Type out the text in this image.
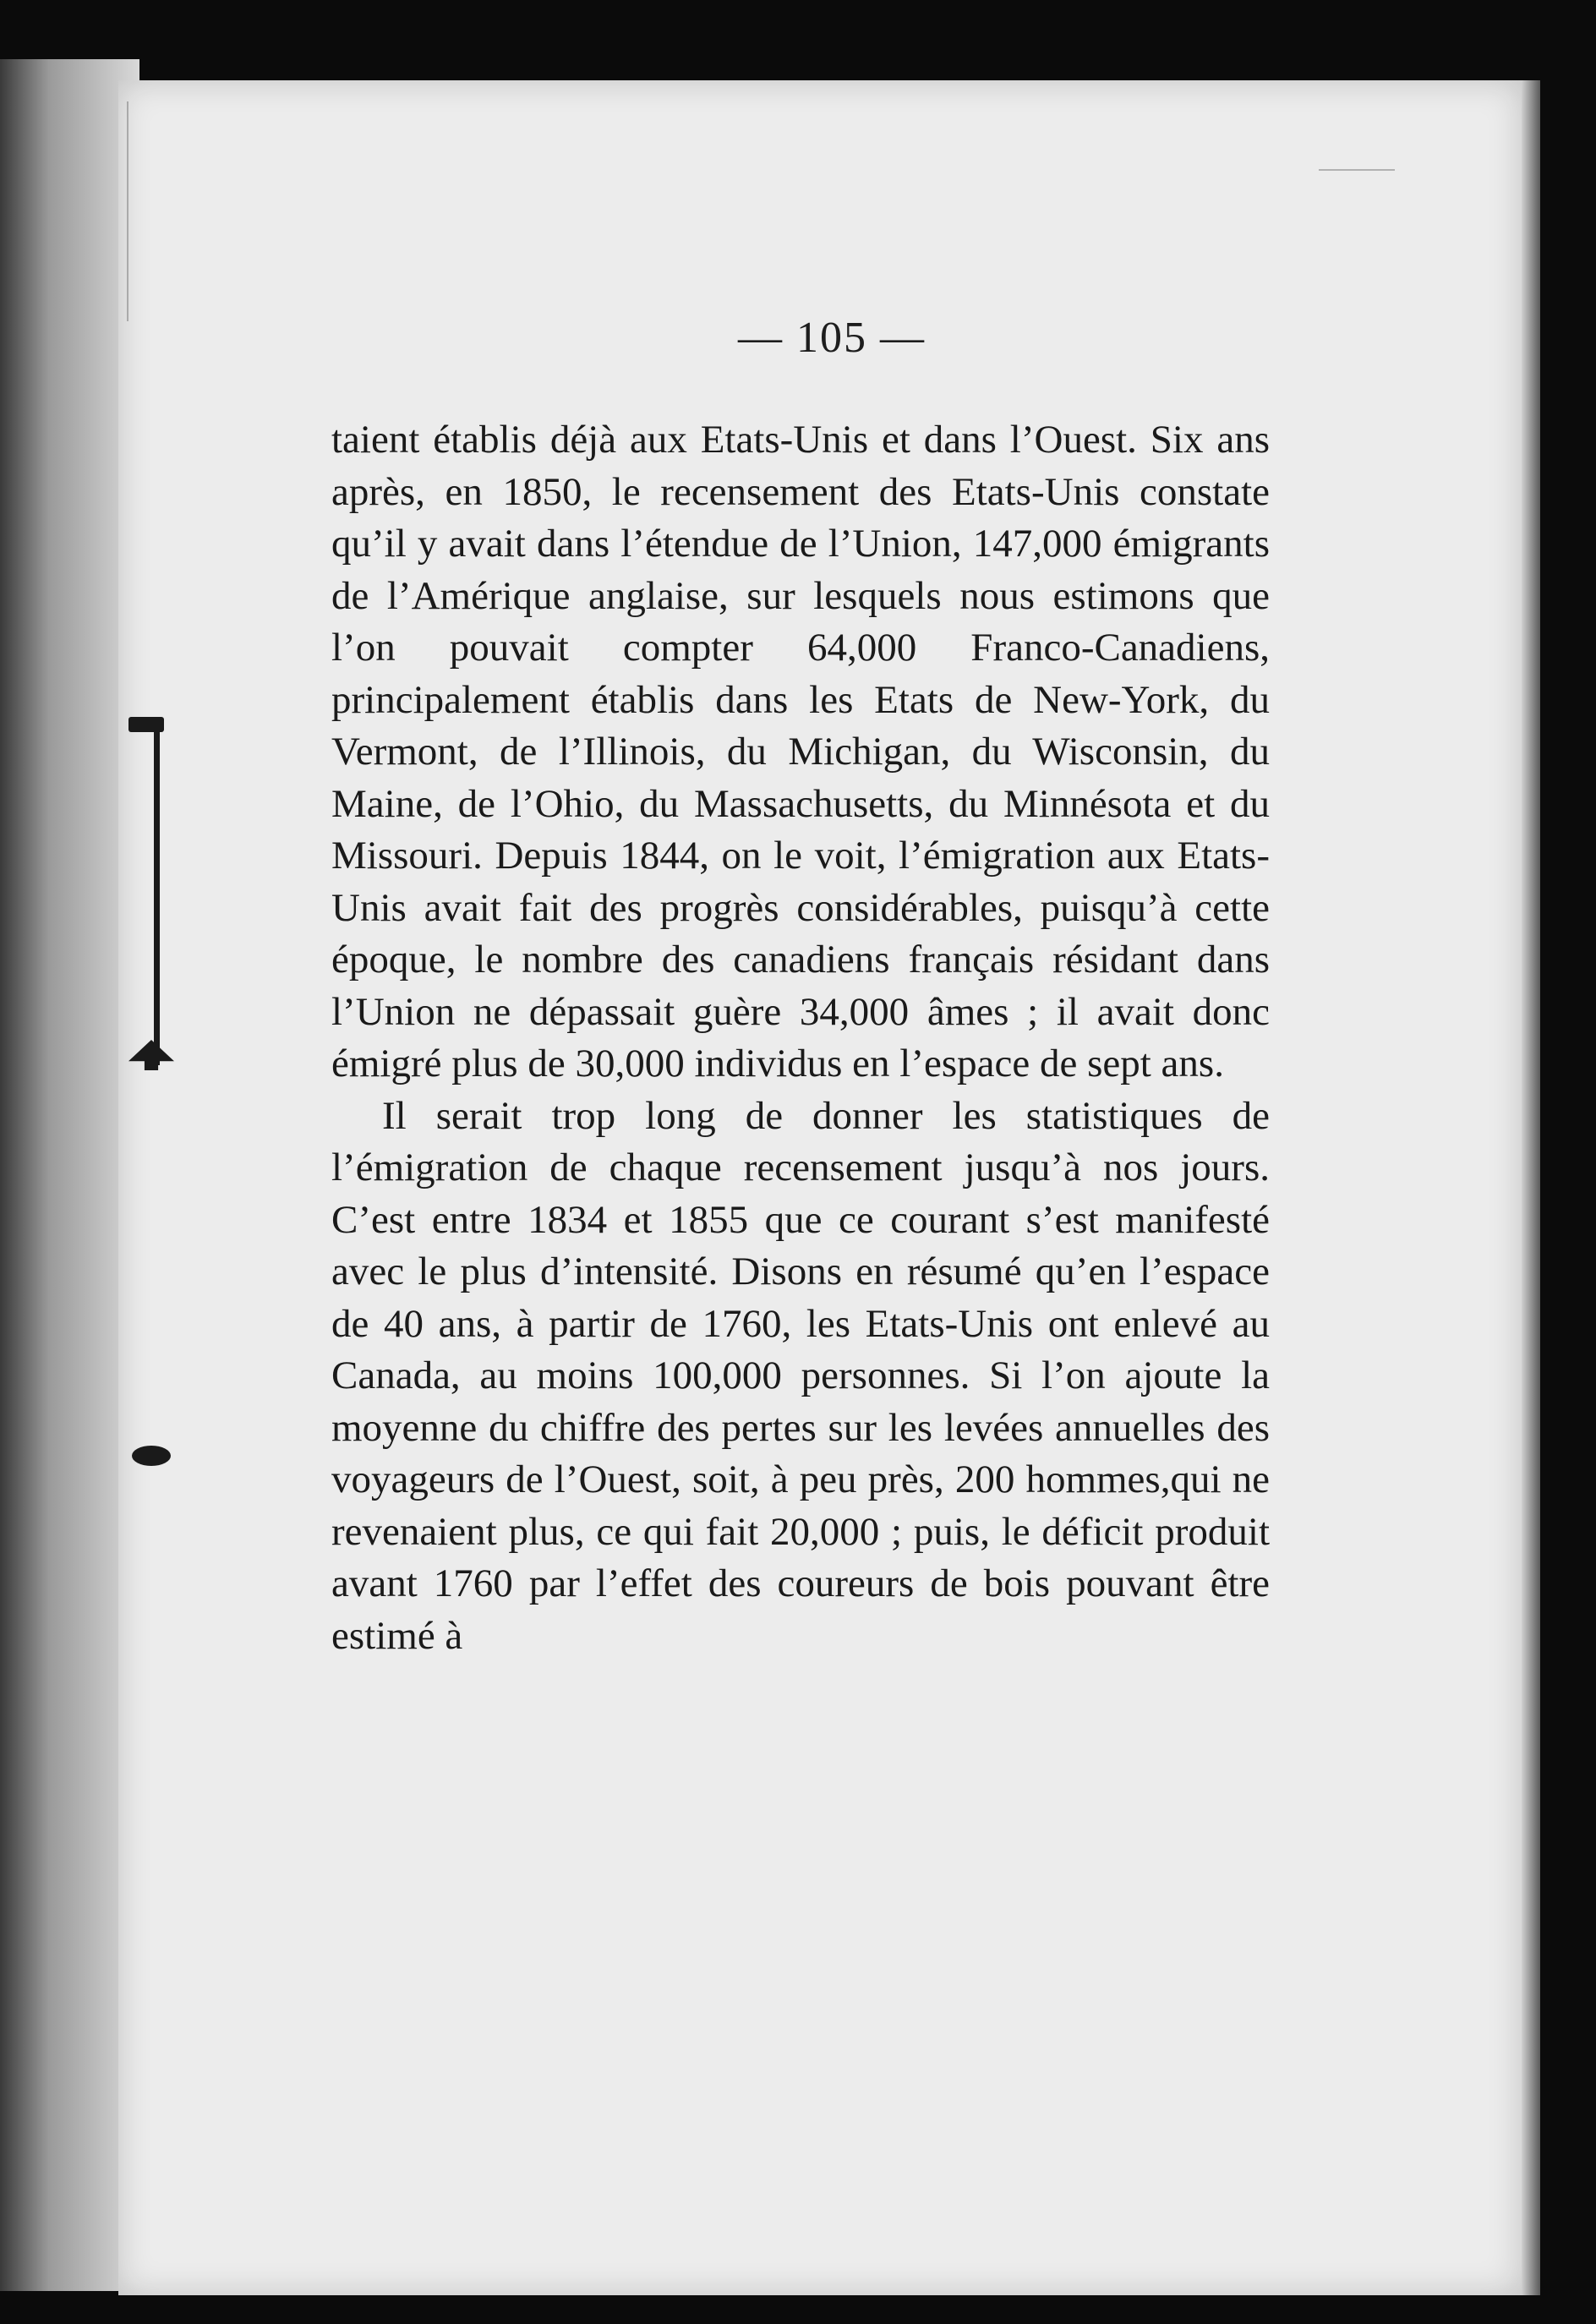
— 105 —

taient établis déjà aux Etats-Unis et dans l’Ouest. Six ans après, en 1850, le recensement des Etats-Unis constate qu’il y avait dans l’étendue de l’Union, 147,000 émigrants de l’Amérique anglaise, sur lesquels nous estimons que l’on pouvait compter 64,000 Franco-Canadiens, principalement établis dans les Etats de New-York, du Vermont, de l’Illinois, du Michigan, du Wisconsin, du Maine, de l’Ohio, du Massachusetts, du Minnésota et du Missouri. Depuis 1844, on le voit, l’émigration aux Etats-Unis avait fait des progrès considérables, puisqu’à cette époque, le nombre des canadiens français résidant dans l’Union ne dépassait guère 34,000 âmes ; il avait donc émigré plus de 30,000 individus en l’espace de sept ans.

Il serait trop long de donner les statistiques de l’émigration de chaque recensement jusqu’à nos jours. C’est entre 1834 et 1855 que ce courant s’est manifesté avec le plus d’intensité. Disons en résumé qu’en l’espace de 40 ans, à partir de 1760, les Etats-Unis ont enlevé au Canada, au moins 100,000 personnes. Si l’on ajoute la moyenne du chiffre des pertes sur les levées annuelles des voyageurs de l’Ouest, soit, à peu près, 200 hommes,qui ne revenaient plus, ce qui fait 20,000 ; puis, le déficit produit avant 1760 par l’effet des coureurs de bois pouvant être estimé à
